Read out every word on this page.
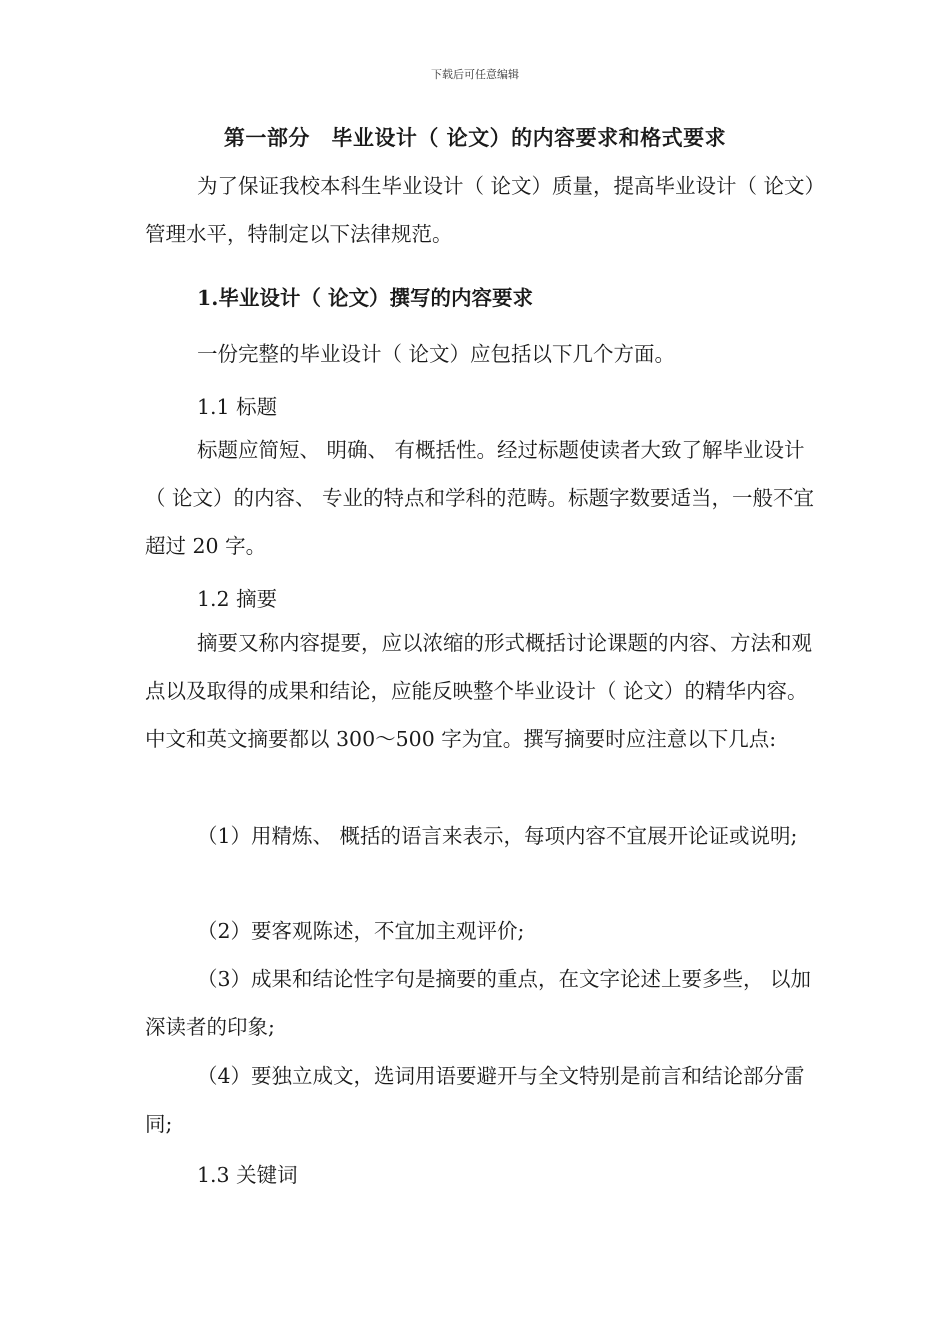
下载后可任意编辑
第一部分　毕业设计（ 论文）的内容要求和格式要求
为了保证我校本科生毕业设计（ 论文）质量，提高毕业设计（ 论文）管理水平，特制定以下法律规范。
1.毕业设计（ 论文）撰写的内容要求
一份完整的毕业设计（ 论文）应包括以下几个方面。
1.1 标题
标题应简短、 明确、 有概括性。经过标题使读者大致了解毕业设计（ 论文）的内容、 专业的特点和学科的范畴。标题字数要适当，一般不宜超过 20 字。
1.2 摘要
摘要又称内容提要，应以浓缩的形式概括讨论课题的内容、方法和观点以及取得的成果和结论，应能反映整个毕业设计（ 论文）的精华内容。中文和英文摘要都以 300～500 字为宜。撰写摘要时应注意以下几点:
（1）用精炼、 概括的语言来表示，每项内容不宜展开论证或说明;
（2）要客观陈述，不宜加主观评价;
（3）成果和结论性字句是摘要的重点，在文字论述上要多些， 以加深读者的印象;
（4）要独立成文，选词用语要避开与全文特别是前言和结论部分雷同;
1.3 关键词
